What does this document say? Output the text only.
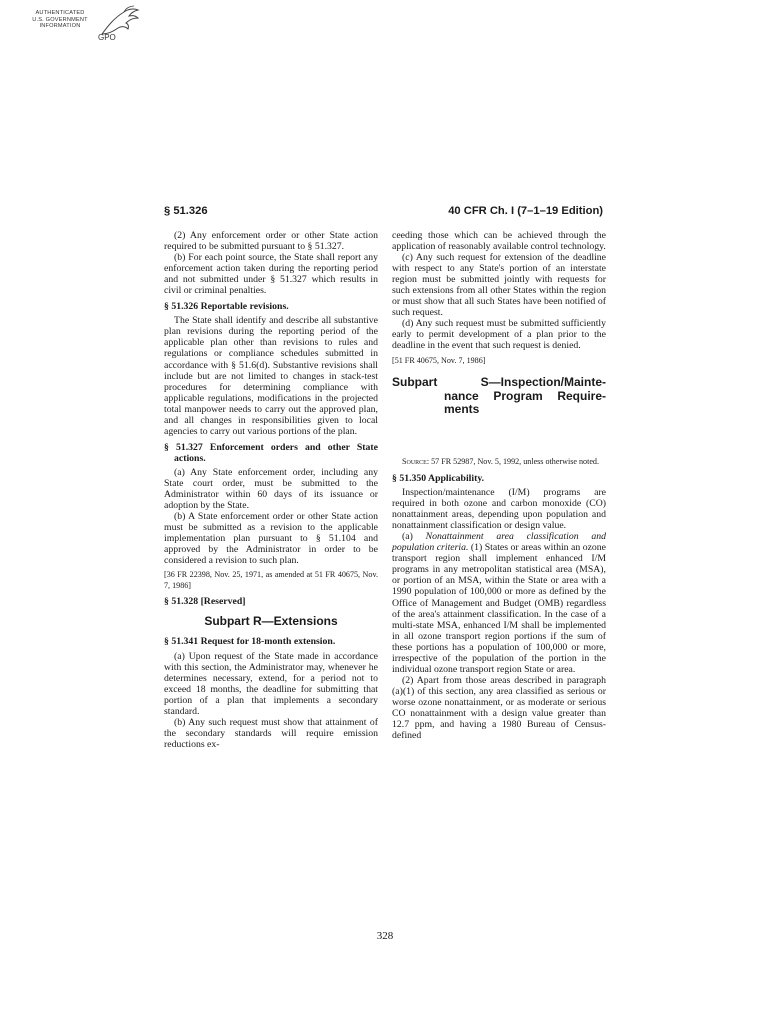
AUTHENTICATED
U.S. GOVERNMENT
INFORMATION
GPO
§ 51.326	40 CFR Ch. I (7–1–19 Edition)

(2) Any enforcement order or other State action required to be submitted pursuant to § 51.327.

(b) For each point source, the State shall report any enforcement action taken during the reporting period and not submitted under § 51.327 which results in civil or criminal penalties.

§ 51.326 Reportable revisions.

The State shall identify and describe all substantive plan revisions during the reporting period of the applicable plan other than revisions to rules and regulations or compliance schedules submitted in accordance with § 51.6(d). Substantive revisions shall include but are not limited to changes in stack-test procedures for determining compliance with applicable regulations, modifications in the projected total manpower needs to carry out the approved plan, and all changes in responsibilities given to local agencies to carry out various portions of the plan.

§ 51.327 Enforcement orders and other State actions.

(a) Any State enforcement order, including any State court order, must be submitted to the Administrator within 60 days of its issuance or adoption by the State.

(b) A State enforcement order or other State action must be submitted as a revision to the applicable implementation plan pursuant to § 51.104 and approved by the Administrator in order to be considered a revision to such plan.

[36 FR 22398, Nov. 25, 1971, as amended at 51 FR 40675, Nov. 7, 1986]

§ 51.328 [Reserved]

Subpart R—Extensions

§ 51.341 Request for 18-month extension.

(a) Upon request of the State made in accordance with this section, the Administrator may, whenever he determines necessary, extend, for a period not to exceed 18 months, the deadline for submitting that portion of a plan that implements a secondary standard.

(b) Any such request must show that attainment of the secondary standards will require emission reductions ex-

ceeding those which can be achieved through the application of reasonably available control technology.

(c) Any such request for extension of the deadline with respect to any State's portion of an interstate region must be submitted jointly with requests for such extensions from all other States within the region or must show that all such States have been notified of such request.

(d) Any such request must be submitted sufficiently early to permit development of a plan prior to the deadline in the event that such request is denied.

[51 FR 40675, Nov. 7, 1986]

Subpart S—Inspection/Mainte-
nance Program Require-
ments

Source: 57 FR 52987, Nov. 5, 1992, unless otherwise noted.

§ 51.350 Applicability.

Inspection/maintenance (I/M) programs are required in both ozone and carbon monoxide (CO) nonattainment areas, depending upon population and nonattainment classification or design value.

(a) Nonattainment area classification and population criteria. (1) States or areas within an ozone transport region shall implement enhanced I/M programs in any metropolitan statistical area (MSA), or portion of an MSA, within the State or area with a 1990 population of 100,000 or more as defined by the Office of Management and Budget (OMB) regardless of the area's attainment classification. In the case of a multi-state MSA, enhanced I/M shall be implemented in all ozone transport region portions if the sum of these portions has a population of 100,000 or more, irrespective of the population of the portion in the individual ozone transport region State or area.

(2) Apart from those areas described in paragraph (a)(1) of this section, any area classified as serious or worse ozone nonattainment, or as moderate or serious CO nonattainment with a design value greater than 12.7 ppm, and having a 1980 Bureau of Census-defined

328
